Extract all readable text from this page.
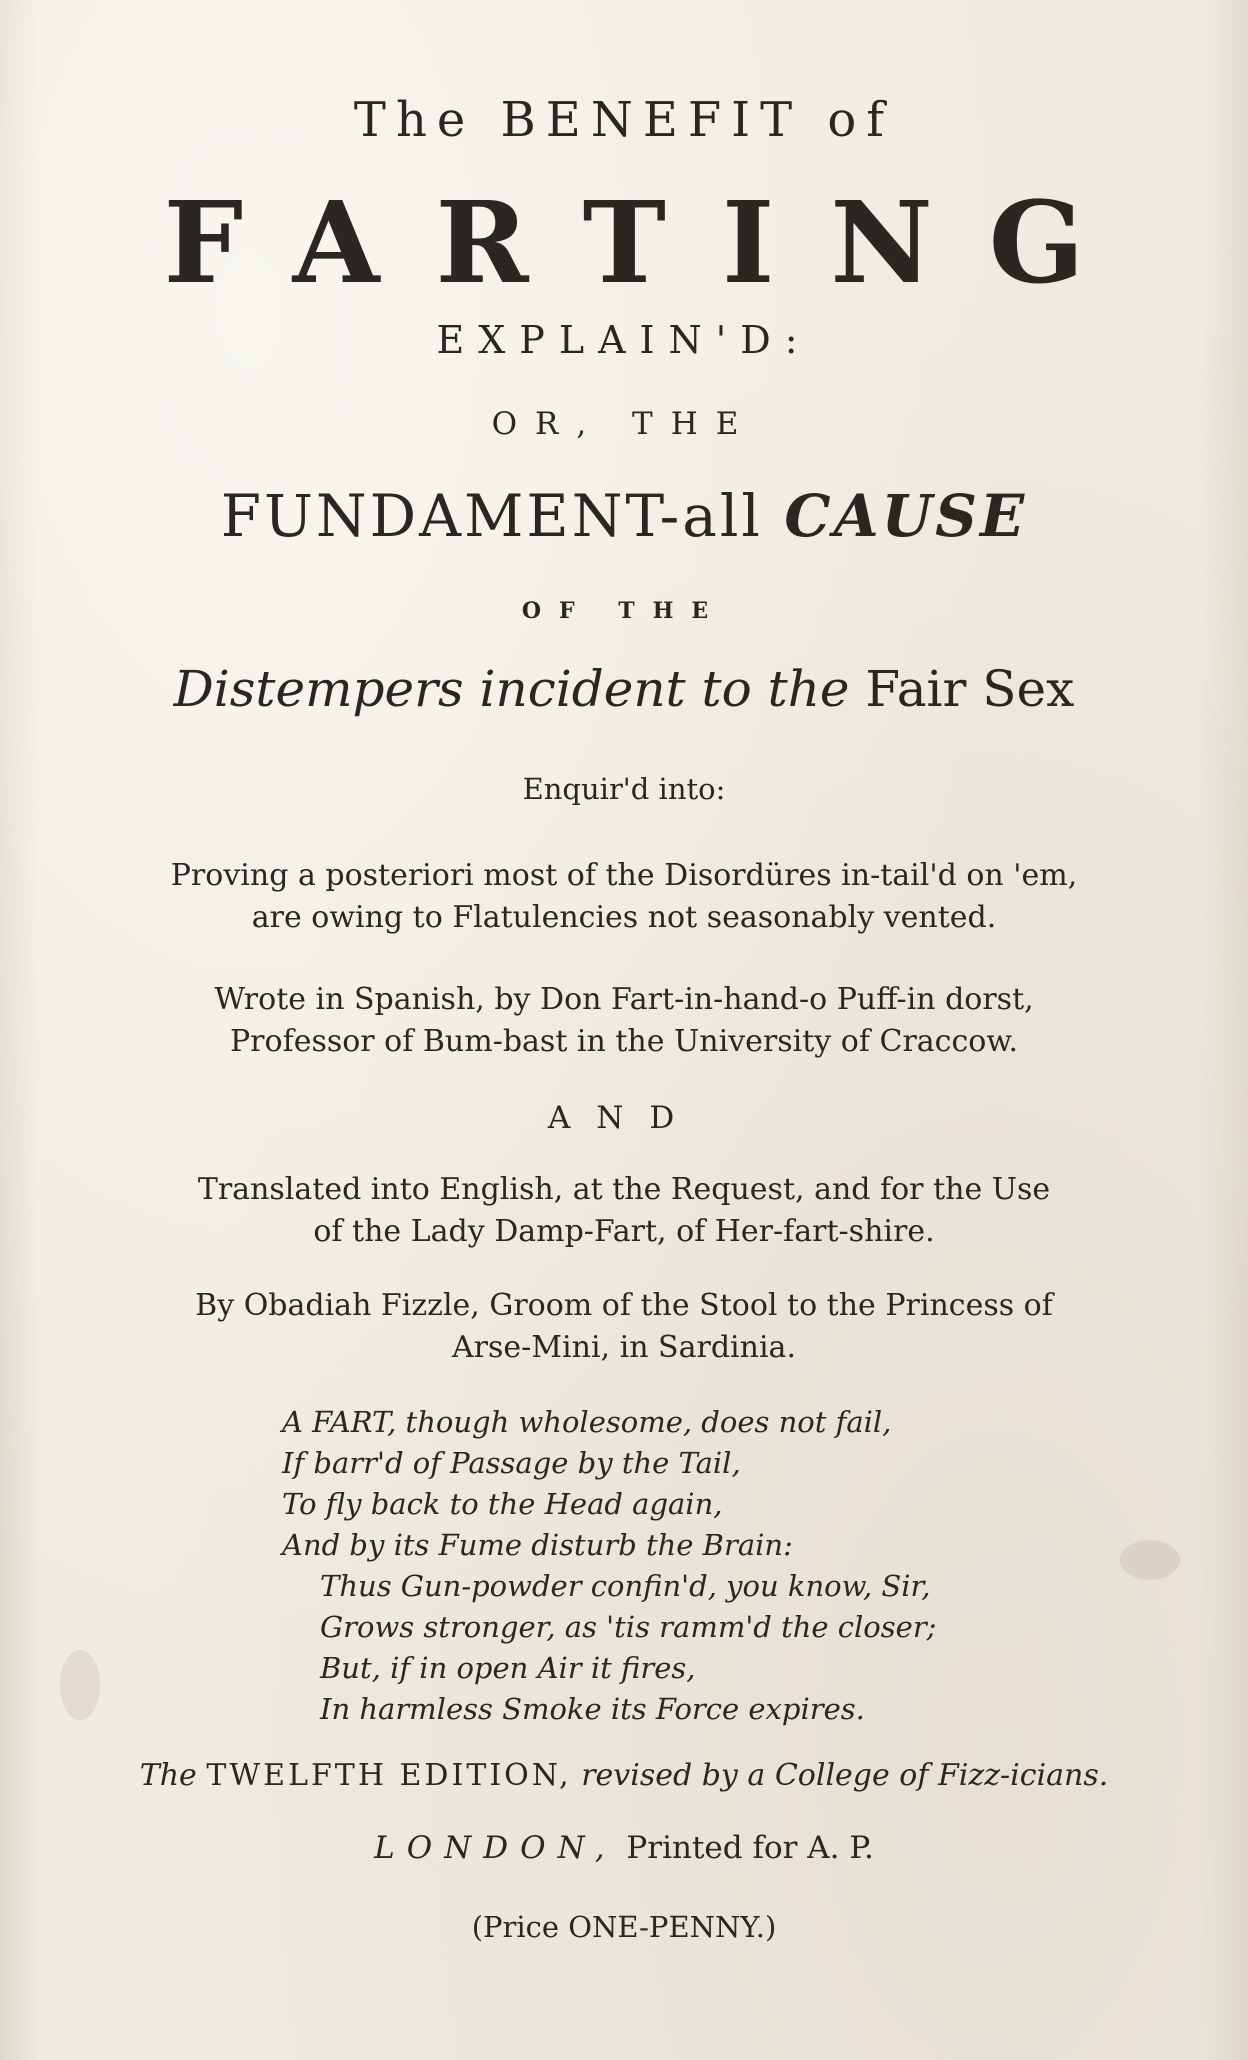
The BENEFIT of
FARTING
EXPLAIN'D:
OR, THE
FUNDAMENT-all CAUSE
OF THE
Distempers incident to the Fair Sex
Enquir'd into:
Proving a posteriori most of the Disordüres in-tail'd on 'em,
are owing to Flatulencies not seasonably vented.
Wrote in Spanish, by Don Fart-in-hand-o Puff-in dorst,
Professor of Bum-bast in the University of Craccow.
AND
Translated into English, at the Request, and for the Use
of the Lady Damp-Fart, of Her-fart-shire.
By Obadiah Fizzle, Groom of the Stool to the Princess of
Arse-Mini, in Sardinia.
A FART, though wholesome, does not fail,
If barr'd of Passage by the Tail,
To fly back to the Head again,
And by its Fume disturb the Brain:
Thus Gun-powder confin'd, you know, Sir,
Grows stronger, as 'tis ramm'd the closer;
But, if in open Air it fires,
In harmless Smoke its Force expires.
The TWELFTH EDITION, revised by a College of Fizz-icians.
LONDON, Printed for A. P.
(Price ONE-PENNY.)
